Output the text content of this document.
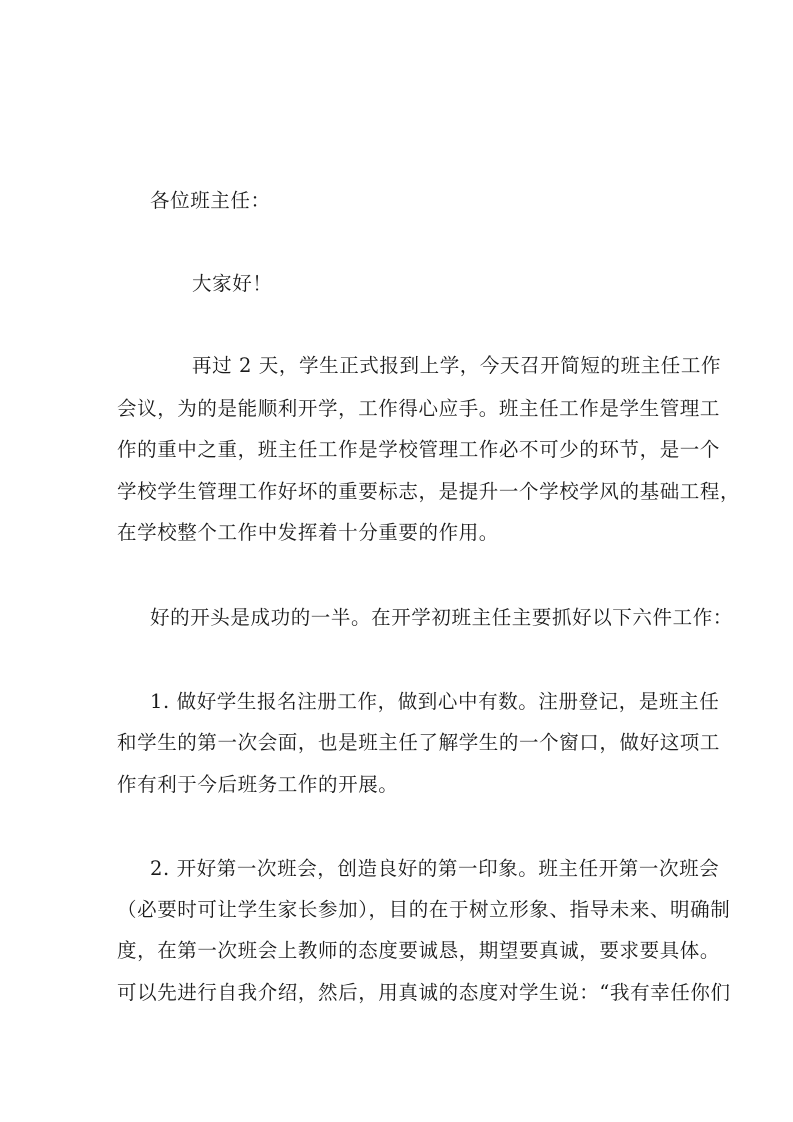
各位班主任：
大家好！
再过 2 天，学生正式报到上学，今天召开简短的班主任工作
会议，为的是能顺利开学，工作得心应手。班主任工作是学生管理工
作的重中之重，班主任工作是学校管理工作必不可少的环节，是一个
学校学生管理工作好坏的重要标志，是提升一个学校学风的基础工程，
在学校整个工作中发挥着十分重要的作用。
好的开头是成功的一半。在开学初班主任主要抓好以下六件工作：
1. 做好学生报名注册工作，做到心中有数。注册登记，是班主任
和学生的第一次会面，也是班主任了解学生的一个窗口，做好这项工
作有利于今后班务工作的开展。
2. 开好第一次班会，创造良好的第一印象。班主任开第一次班会
（必要时可让学生家长参加），目的在于树立形象、指导未来、明确制
度，在第一次班会上教师的态度要诚恳，期望要真诚，要求要具体。
可以先进行自我介绍，然后，用真诚的态度对学生说：“我有幸任你们
